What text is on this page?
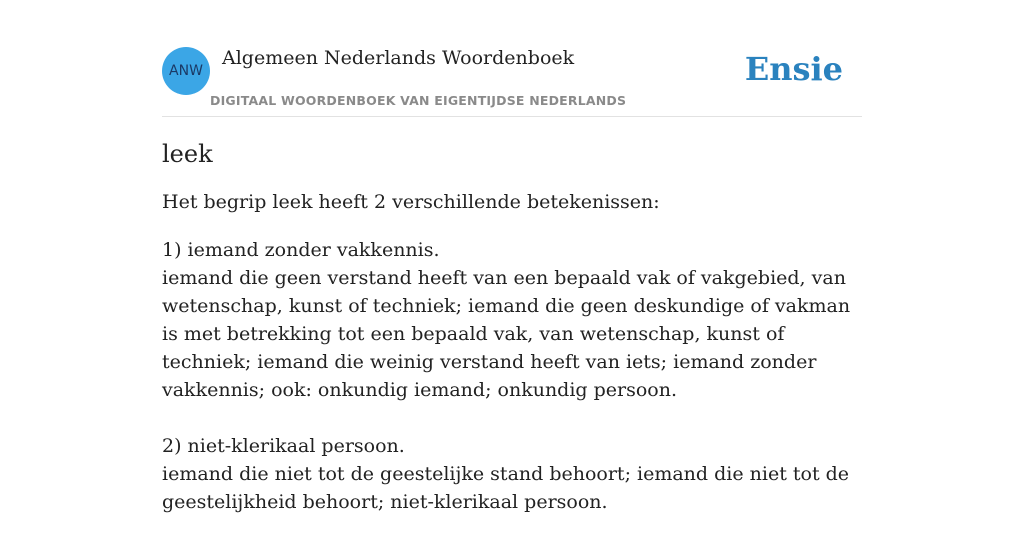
ANW
Algemeen Nederlands Woordenboek
DIGITAAL WOORDENBOEK VAN EIGENTIJDSE NEDERLANDS
Ensie
leek

Het begrip leek heeft 2 verschillende betekenissen:

1) iemand zonder vakkennis.
iemand die geen verstand heeft van een bepaald vak of vakgebied, van wetenschap, kunst of techniek; iemand die geen deskundige of vakman is met betrekking tot een bepaald vak, van wetenschap, kunst of techniek; iemand die weinig verstand heeft van iets; iemand zonder vakkennis; ook: onkundig iemand; onkundig persoon.
2) niet-klerikaal persoon.
iemand die niet tot de geestelijke stand behoort; iemand die niet tot de geestelijkheid behoort; niet-klerikaal persoon.
